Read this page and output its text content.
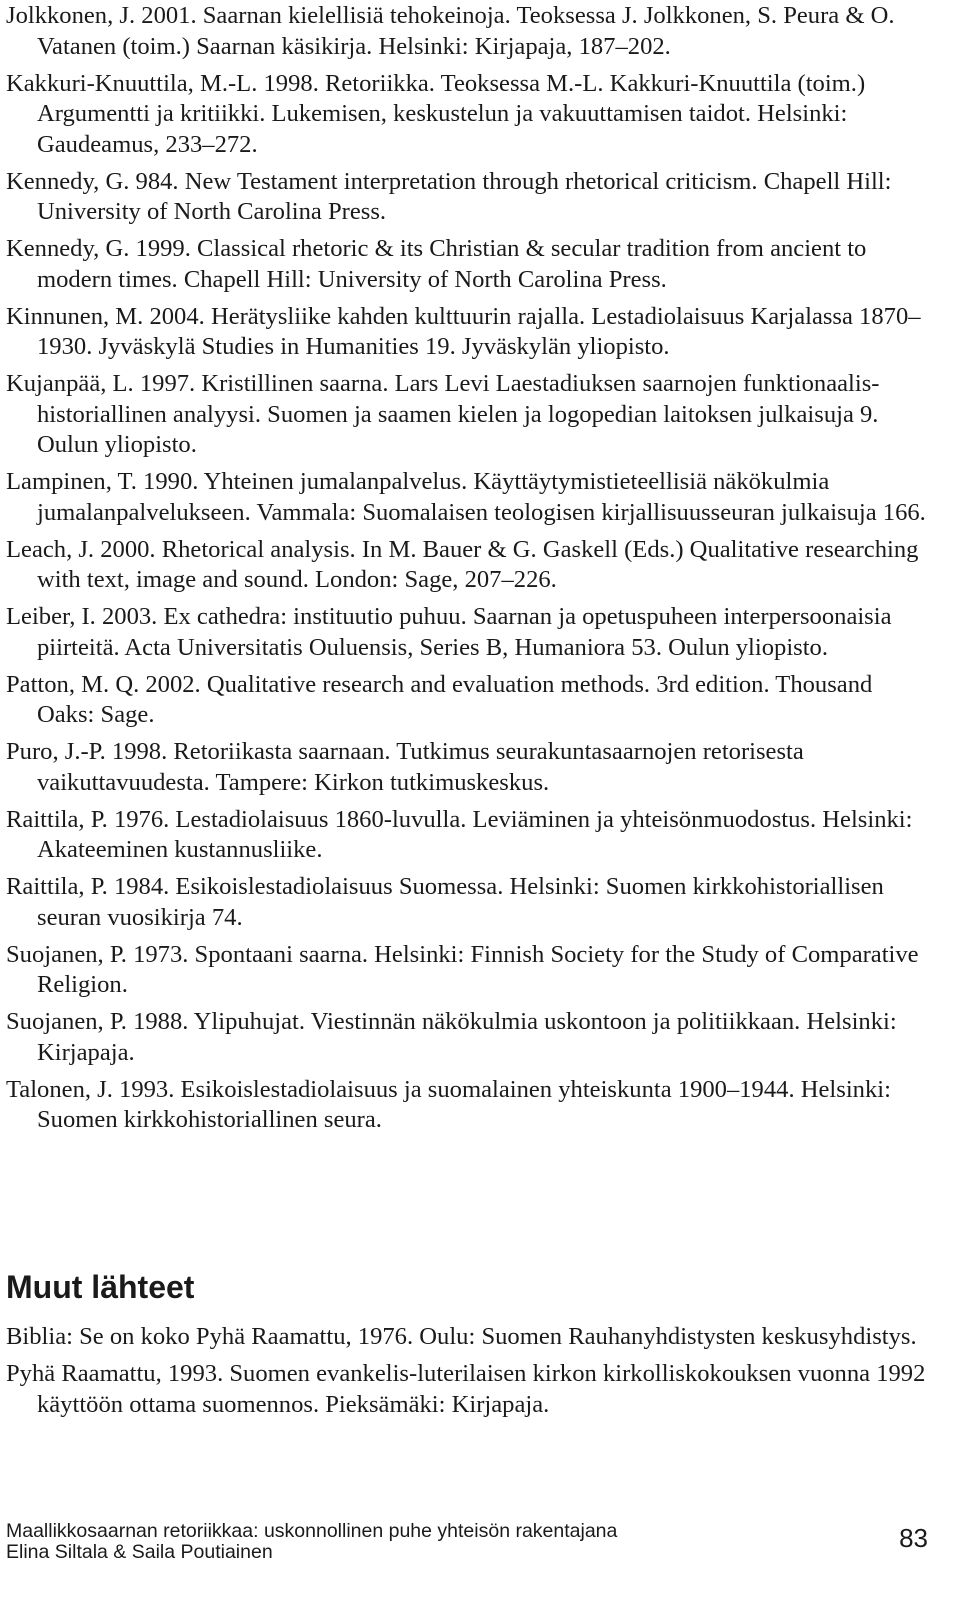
Jolkkonen, J. 2001. Saarnan kielellisiä tehokeinoja. Teoksessa J. Jolkkonen, S. Peura & O. Vatanen (toim.) Saarnan käsikirja. Helsinki: Kirjapaja, 187–202.
Kakkuri-Knuuttila, M.-L. 1998. Retoriikka. Teoksessa M.-L. Kakkuri-Knuuttila (toim.) Argumentti ja kritiikki. Lukemisen, keskustelun ja vakuuttamisen taidot. Helsinki: Gaudeamus, 233–272.
Kennedy, G. 984. New Testament interpretation through rhetorical criticism. Chapell Hill: University of North Carolina Press.
Kennedy, G. 1999. Classical rhetoric & its Christian & secular tradition from ancient to modern times. Chapell Hill: University of North Carolina Press.
Kinnunen, M. 2004. Herätysliike kahden kulttuurin rajalla. Lestadiolaisuus Karjalassa 1870–1930. Jyväskylä Studies in Humanities 19. Jyväskylän yliopisto.
Kujanpää, L. 1997. Kristillinen saarna. Lars Levi Laestadiuksen saarnojen funktionaalis-historiallinen analyysi. Suomen ja saamen kielen ja logopedian laitoksen julkaisuja 9. Oulun yliopisto.
Lampinen, T. 1990. Yhteinen jumalanpalvelus. Käyttäytymistieteellisiä näkökulmia jumalanpalvelukseen. Vammala: Suomalaisen teologisen kirjallisuusseuran julkaisuja 166.
Leach, J. 2000. Rhetorical analysis. In M. Bauer & G. Gaskell (Eds.) Qualitative researching with text, image and sound. London: Sage, 207–226.
Leiber, I. 2003. Ex cathedra: instituutio puhuu. Saarnan ja opetuspuheen interpersoonaisia piirteitä. Acta Universitatis Ouluensis, Series B, Humaniora 53. Oulun yliopisto.
Patton, M. Q. 2002. Qualitative research and evaluation methods. 3rd edition. Thousand Oaks: Sage.
Puro, J.-P. 1998. Retoriikasta saarnaan. Tutkimus seurakuntasaarnojen retorisesta vaikuttavuudesta. Tampere: Kirkon tutkimuskeskus.
Raittila, P. 1976. Lestadiolaisuus 1860-luvulla. Leviäminen ja yhteisönmuodostus. Helsinki: Akateeminen kustannusliike.
Raittila, P. 1984. Esikoislestadiolaisuus Suomessa. Helsinki: Suomen kirkkohistoriallisen seuran vuosikirja 74.
Suojanen, P. 1973. Spontaani saarna. Helsinki: Finnish Society for the Study of Comparative Religion.
Suojanen, P. 1988. Ylipuhujat. Viestinnän näkökulmia uskontoon ja politiikkaan. Helsinki: Kirjapaja.
Talonen, J. 1993. Esikoislestadiolaisuus ja suomalainen yhteiskunta 1900–1944. Helsinki: Suomen kirkkohistoriallinen seura.
Muut lähteet
Biblia: Se on koko Pyhä Raamattu, 1976. Oulu: Suomen Rauhanyhdistysten keskusyhdistys.
Pyhä Raamattu, 1993. Suomen evankelis-luterilaisen kirkon kirkolliskokouksen vuonna 1992 käyttöön ottama suomennos. Pieksämäki: Kirjapaja.

Maallikkosaarnan retoriikkaa: uskonnollinen puhe yhteisön rakentajana

Elina Siltala & Saila Poutiainen	83
